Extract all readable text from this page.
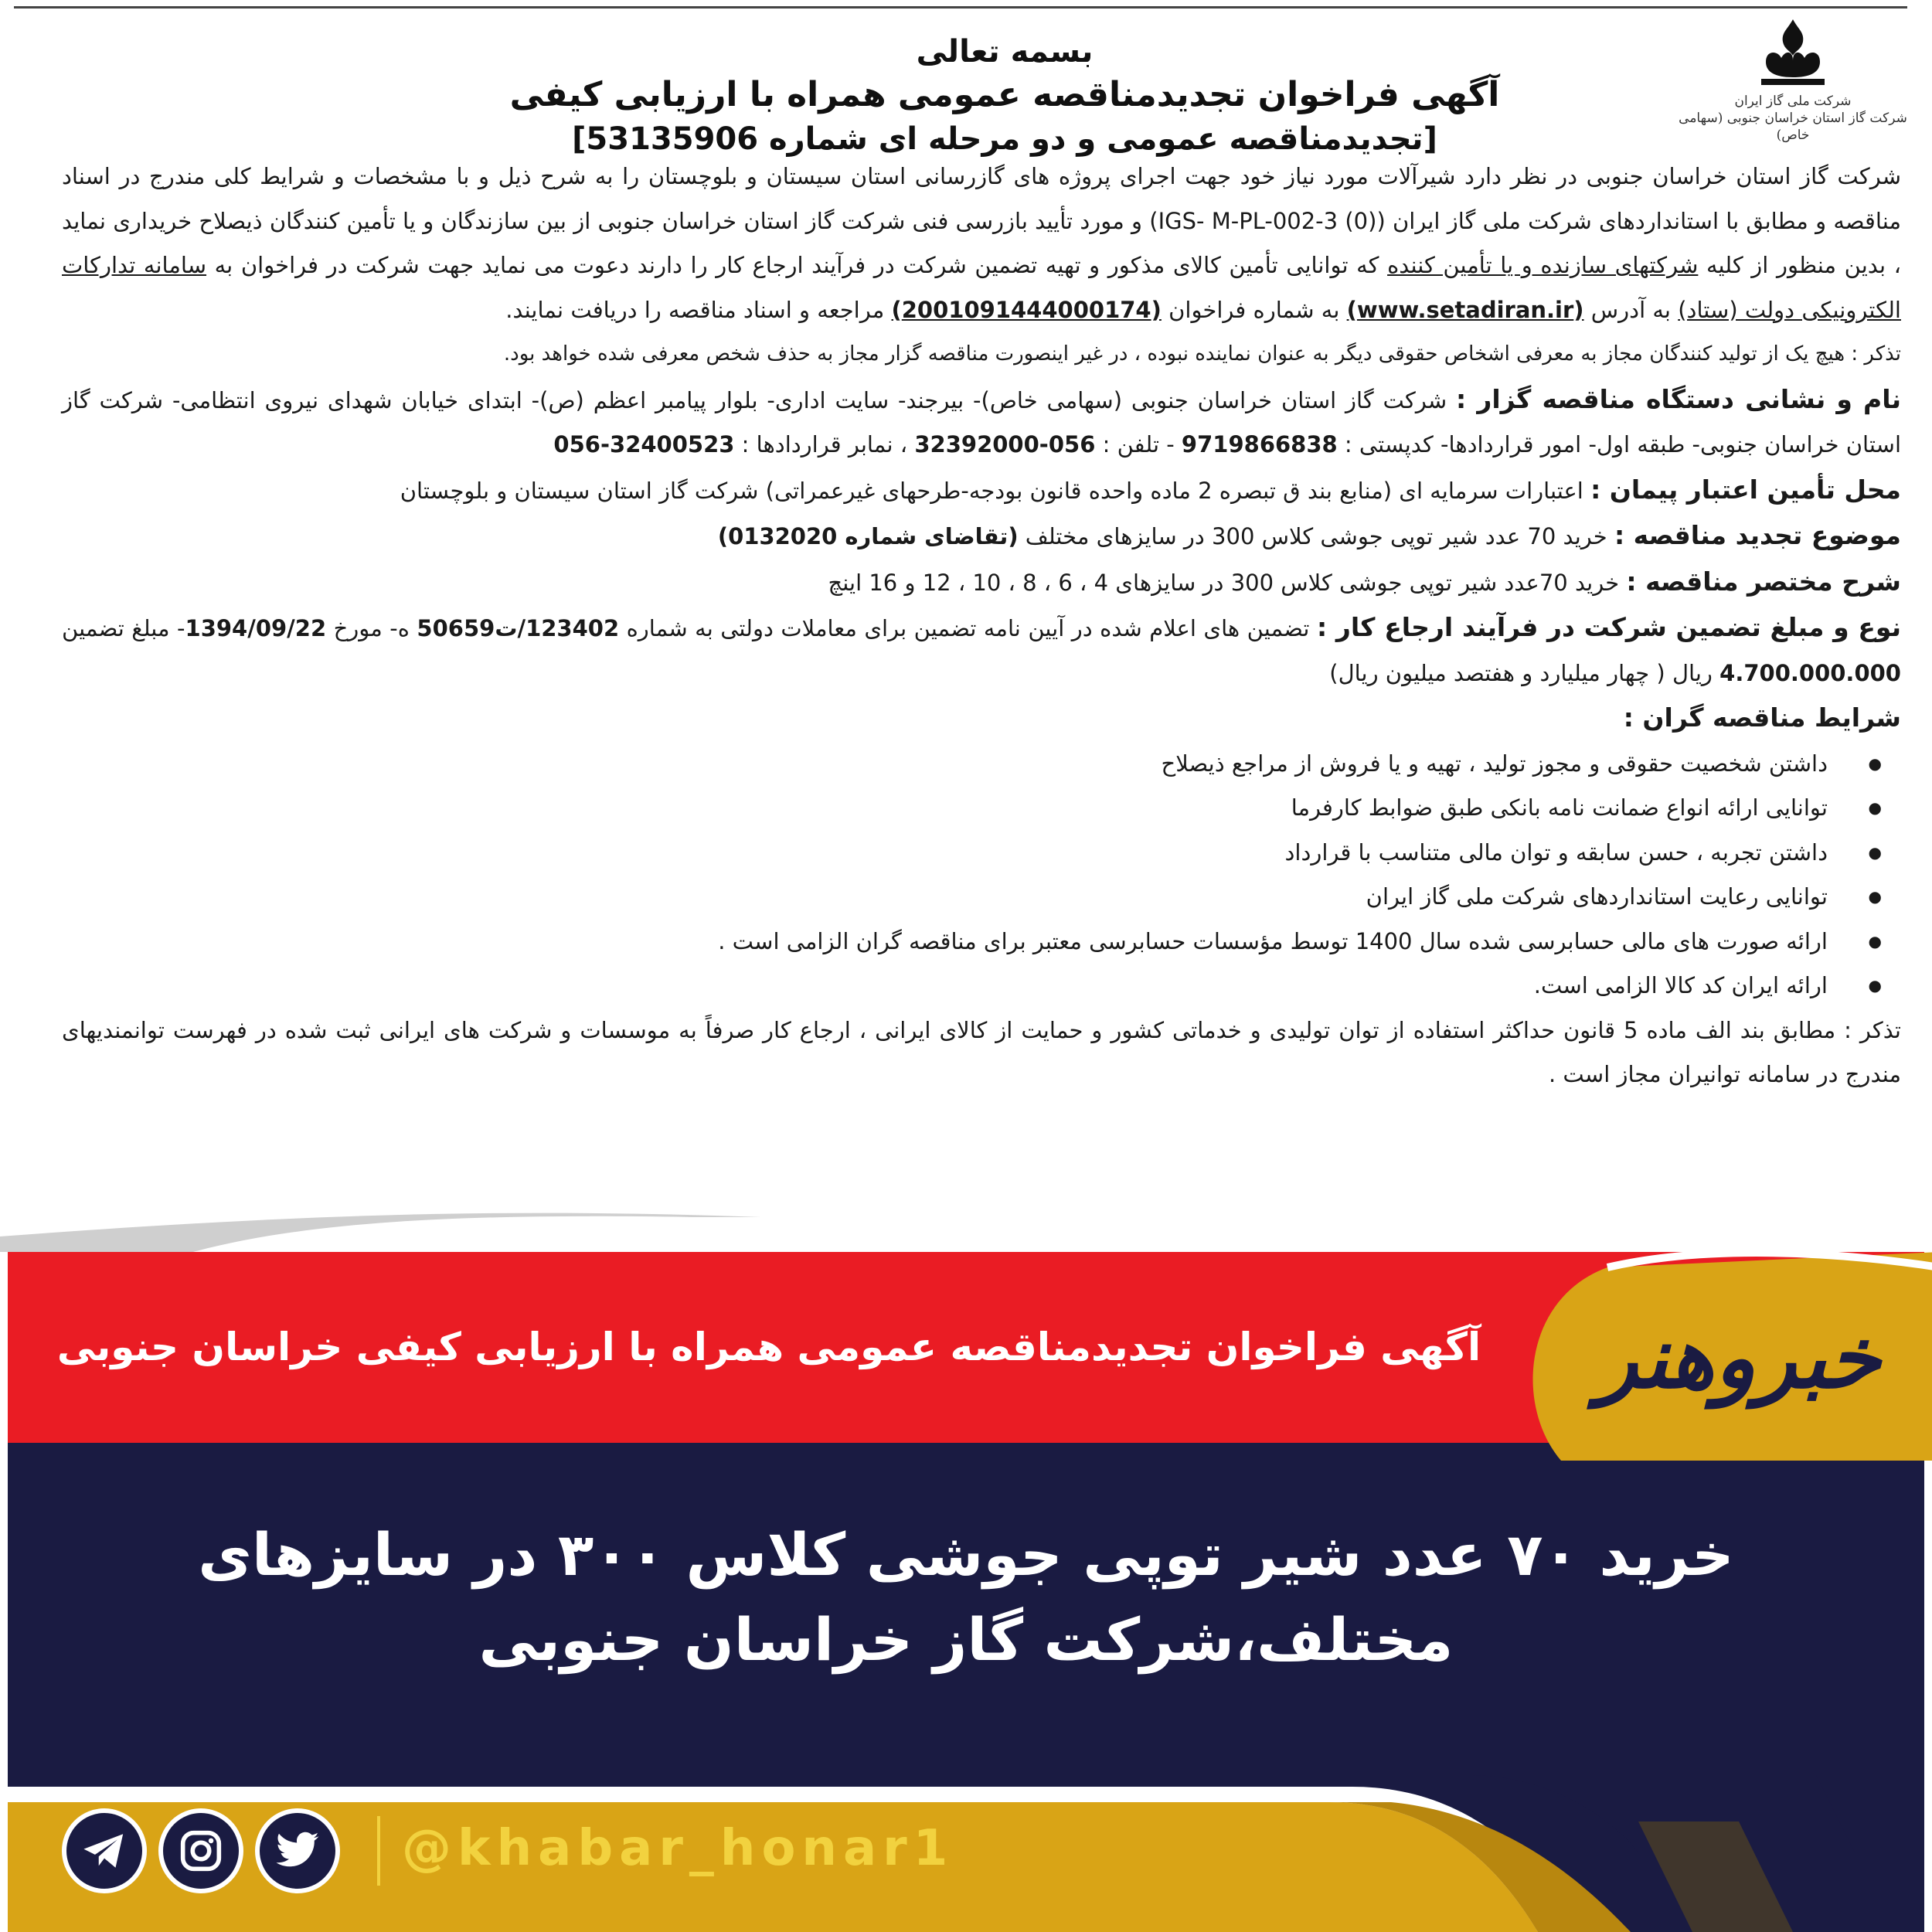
شرکت ملی گاز ایران
شرکت گاز استان خراسان جنوبی (سهامی خاص)
بسمه تعالی
آگهی فراخوان تجدیدمناقصه عمومی همراه با ارزیابی کیفی
[تجدیدمناقصه عمومی و دو مرحله ای شماره 53135906]

شرکت گاز استان خراسان جنوبی در نظر دارد شیرآلات مورد نیاز خود جهت اجرای پروژه های گازرسانی استان سیستان و بلوچستان را به شرح ذیل و با مشخصات و شرایط کلی مندرج در اسناد مناقصه و مطابق با استانداردهای شرکت ملی گاز ایران (IGS- M-PL-002-3 (0)) و مورد تأیید بازرسی فنی شرکت گاز استان خراسان جنوبی از بین سازندگان و یا تأمین کنندگان ذیصلاح خریداری نماید ، بدین منظور از کلیه شرکتهای سازنده و یا تأمین کننده که توانایی تأمین کالای مذکور و تهیه تضمین شرکت در فرآیند ارجاع کار را دارند دعوت می نماید جهت شرکت در فراخوان به سامانه تدارکات الکترونیکی دولت (ستاد) به آدرس (www.setadiran.ir) به شماره فراخوان (2001091444000174) مراجعه و اسناد مناقصه را دریافت نمایند.

تذکر : هیچ یک از تولید کنندگان مجاز به معرفی اشخاص حقوقی دیگر به عنوان نماینده نبوده ، در غیر اینصورت مناقصه گزار مجاز به حذف شخص معرفی شده خواهد بود.

نام و نشانی دستگاه مناقصه گزار : شرکت گاز استان خراسان جنوبی (سهامی خاص)- بیرجند- سایت اداری- بلوار پیامبر اعظم (ص)- ابتدای خیابان شهدای نیروی انتظامی- شرکت گاز استان خراسان جنوبی- طبقه اول- امور قراردادها- کدپستی : 9719866838 - تلفن : 056-32392000 ، نمابر قراردادها : 32400523-056

محل تأمین اعتبار پیمان : اعتبارات سرمایه ای (منابع بند ق تبصره 2 ماده واحده قانون بودجه-طرحهای غیرعمراتی) شرکت گاز استان سیستان و بلوچستان

موضوع تجدید مناقصه : خرید 70 عدد شیر توپی جوشی کلاس 300 در سایزهای مختلف (تقاضای شماره 0132020)

شرح مختصر مناقصه : خرید 70عدد شیر توپی جوشی کلاس 300 در سایزهای 4 ، 6 ، 8 ، 10 ، 12 و 16 اینچ

نوع و مبلغ تضمین شرکت در فرآیند ارجاع کار : تضمین های اعلام شده در آیین نامه تضمین برای معاملات دولتی به شماره 123402/ت50659 ه- مورخ 1394/09/22- مبلغ تضمین 4.700.000.000 ریال ( چهار میلیارد و هفتصد میلیون ریال)

شرایط مناقصه گران :

● داشتن شخصیت حقوقی و مجوز تولید ، تهیه و یا فروش از مراجع ذیصلاح
● توانایی ارائه انواع ضمانت نامه بانکی طبق ضوابط کارفرما
● داشتن تجربه ، حسن سابقه و توان مالی متناسب با قرارداد
● توانایی رعایت استانداردهای شرکت ملی گاز ایران
● ارائه صورت های مالی حسابرسی شده سال 1400 توسط مؤسسات حسابرسی معتبر برای مناقصه گران الزامی است .
● ارائه ایران کد کالا الزامی است.

تذکر : مطابق بند الف ماده 5 قانون حداکثر استفاده از توان تولیدی و خدماتی کشور و حمایت از کالای ایرانی ، ارجاع کار صرفاً به موسسات و شرکت های ایرانی ثبت شده در فهرست توانمندیهای مندرج در سامانه توانیران مجاز است .

آگهی فراخوان تجدیدمناقصه عمومی همراه با ارزیابی کیفی خراسان جنوبی
خرید ۷۰ عدد شیر توپی جوشی کلاس ۳۰۰ در سایزهای مختلف،شرکت گاز خراسان جنوبی
خبروهنر
@khabar_honar1
